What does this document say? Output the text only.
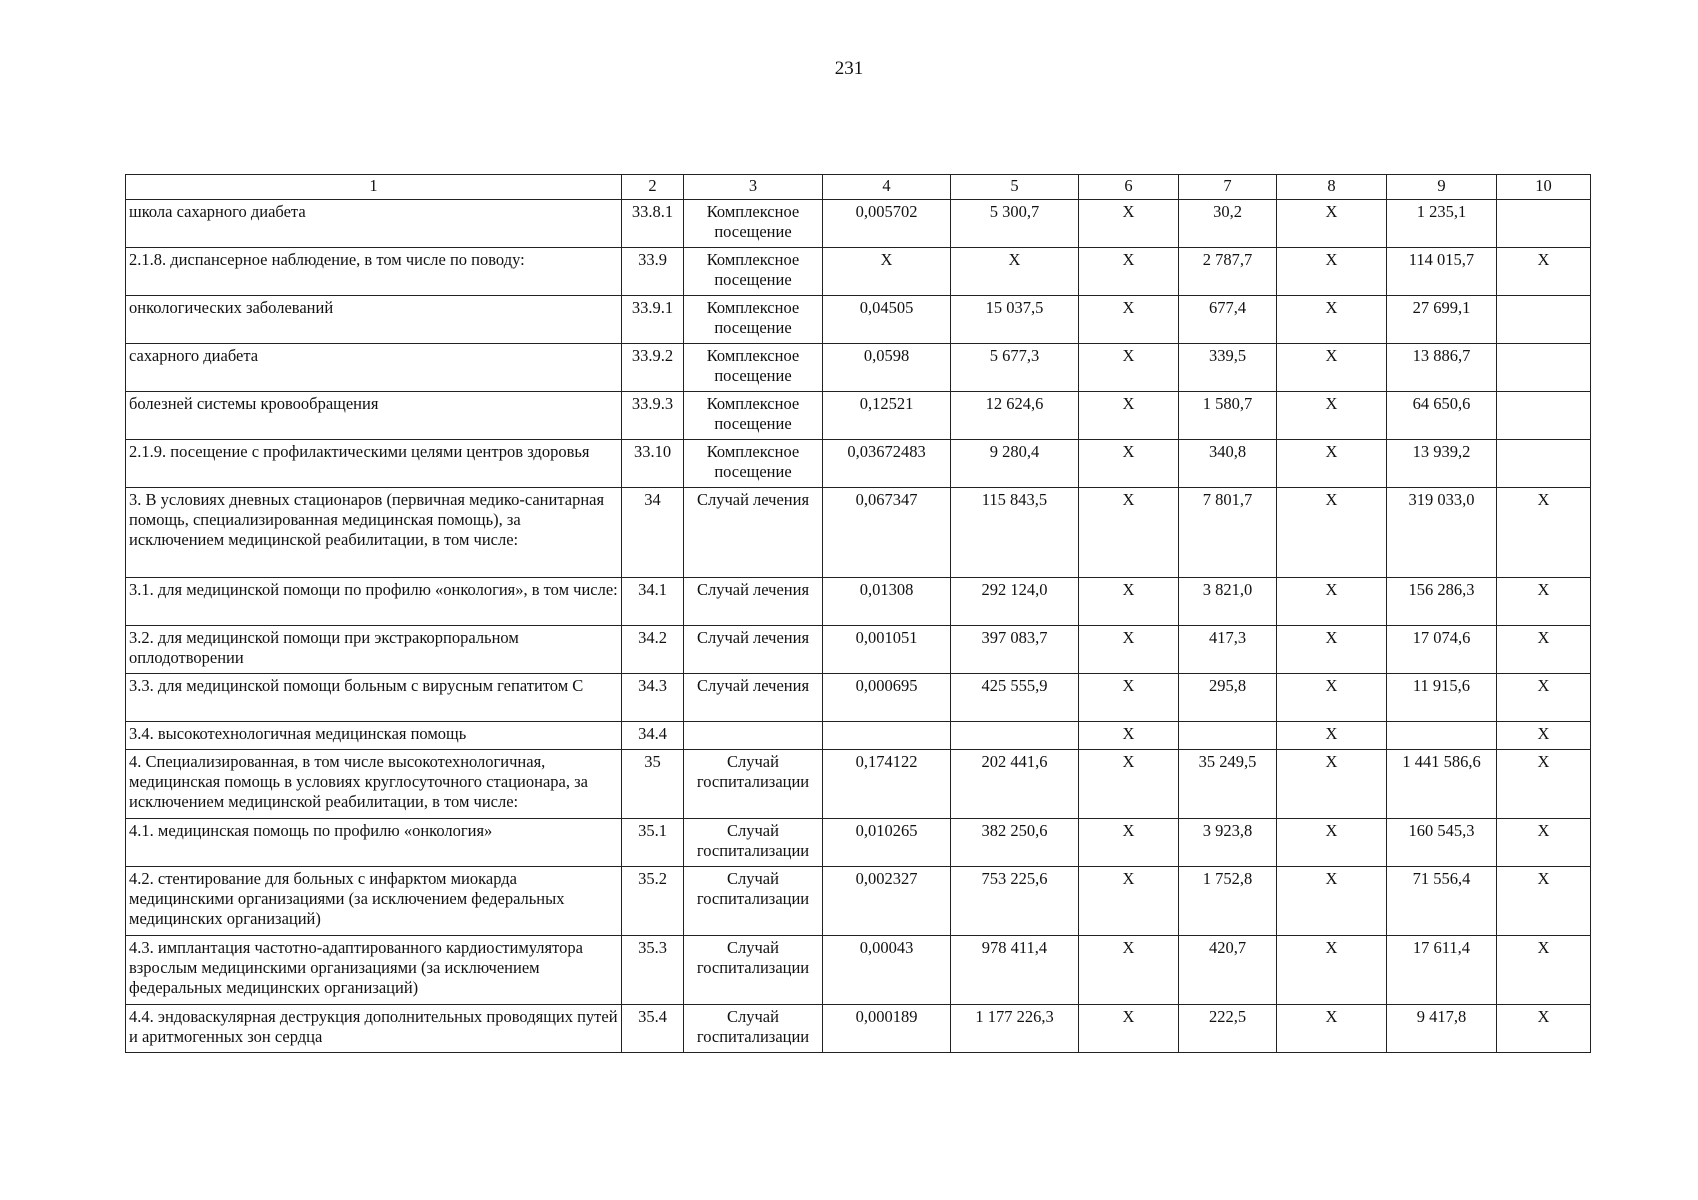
231
1	2	3	4	5	6	7	8	9	10
школа сахарного диабета	33.8.1	Комплексное посещение	0,005702	5 300,7	X	30,2	X	1 235,1	
2.1.8. диспансерное наблюдение, в том числе по поводу:	33.9	Комплексное посещение	X	X	X	2 787,7	X	114 015,7	X
онкологических заболеваний	33.9.1	Комплексное посещение	0,04505	15 037,5	X	677,4	X	27 699,1	
сахарного диабета	33.9.2	Комплексное посещение	0,0598	5 677,3	X	339,5	X	13 886,7	
болезней системы кровообращения	33.9.3	Комплексное посещение	0,12521	12 624,6	X	1 580,7	X	64 650,6	
2.1.9. посещение с профилактическими целями центров здоровья	33.10	Комплексное посещение	0,03672483	9 280,4	X	340,8	X	13 939,2	
3. В условиях дневных стационаров (первичная медико-санитарная помощь, специализированная медицинская помощь), за исключением медицинской реабилитации, в том числе:	34	Случай лечения	0,067347	115 843,5	X	7 801,7	X	319 033,0	X
3.1. для медицинской помощи по профилю «онкология», в том числе:	34.1	Случай лечения	0,01308	292 124,0	X	3 821,0	X	156 286,3	X
3.2. для медицинской помощи при экстракорпоральном оплодотворении	34.2	Случай лечения	0,001051	397 083,7	X	417,3	X	17 074,6	X
3.3. для медицинской помощи больным с вирусным гепатитом С	34.3	Случай лечения	0,000695	425 555,9	X	295,8	X	11 915,6	X
3.4. высокотехнологичная медицинская помощь	34.4				X		X		X
4. Специализированная, в том числе высокотехнологичная, медицинская помощь в условиях круглосуточного стационара, за исключением медицинской реабилитации, в том числе:	35	Случай госпитализации	0,174122	202 441,6	X	35 249,5	X	1 441 586,6	X
4.1. медицинская помощь по профилю «онкология»	35.1	Случай госпитализации	0,010265	382 250,6	X	3 923,8	X	160 545,3	X
4.2. стентирование для больных с инфарктом миокарда медицинскими организациями (за исключением федеральных медицинских организаций)	35.2	Случай госпитализации	0,002327	753 225,6	X	1 752,8	X	71 556,4	X
4.3. имплантация частотно-адаптированного кардиостимулятора взрослым медицинскими организациями (за исключением федеральных медицинских организаций)	35.3	Случай госпитализации	0,00043	978 411,4	X	420,7	X	17 611,4	X
4.4. эндоваскулярная деструкция дополнительных проводящих путей и аритмогенных зон сердца	35.4	Случай госпитализации	0,000189	1 177 226,3	X	222,5	X	9 417,8	X
